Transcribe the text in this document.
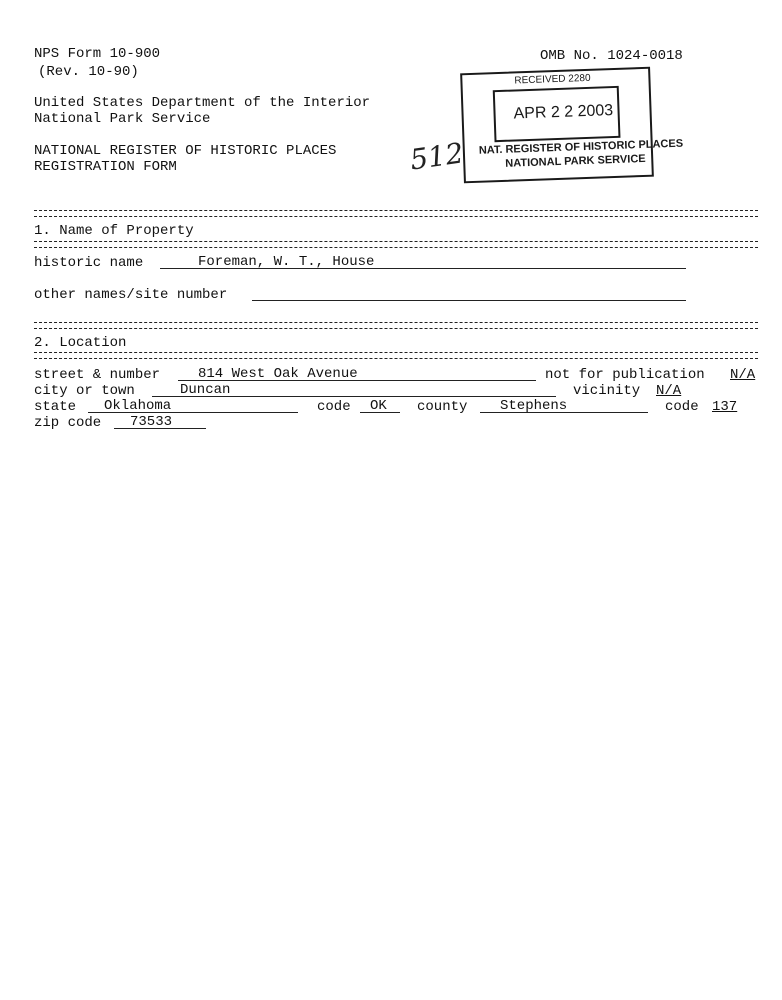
NPS Form 10-900
(Rev. 10-90)
OMB No. 1024-0018
United States Department of the Interior
National Park Service
NATIONAL REGISTER OF HISTORIC PLACES
REGISTRATION FORM	512
RECEIVED 2280
APR 2 2 2003
NAT. REGISTER OF HISTORIC PLACES
NATIONAL PARK SERVICE
1. Name of Property
historic name	Foreman, W. T., House
other names/site number
2. Location
street & number	814 West Oak Avenue	not for publication N/A
city or town	Duncan	vicinity N/A
state Oklahoma	code OK county Stephens	code 137
zip code 73533
